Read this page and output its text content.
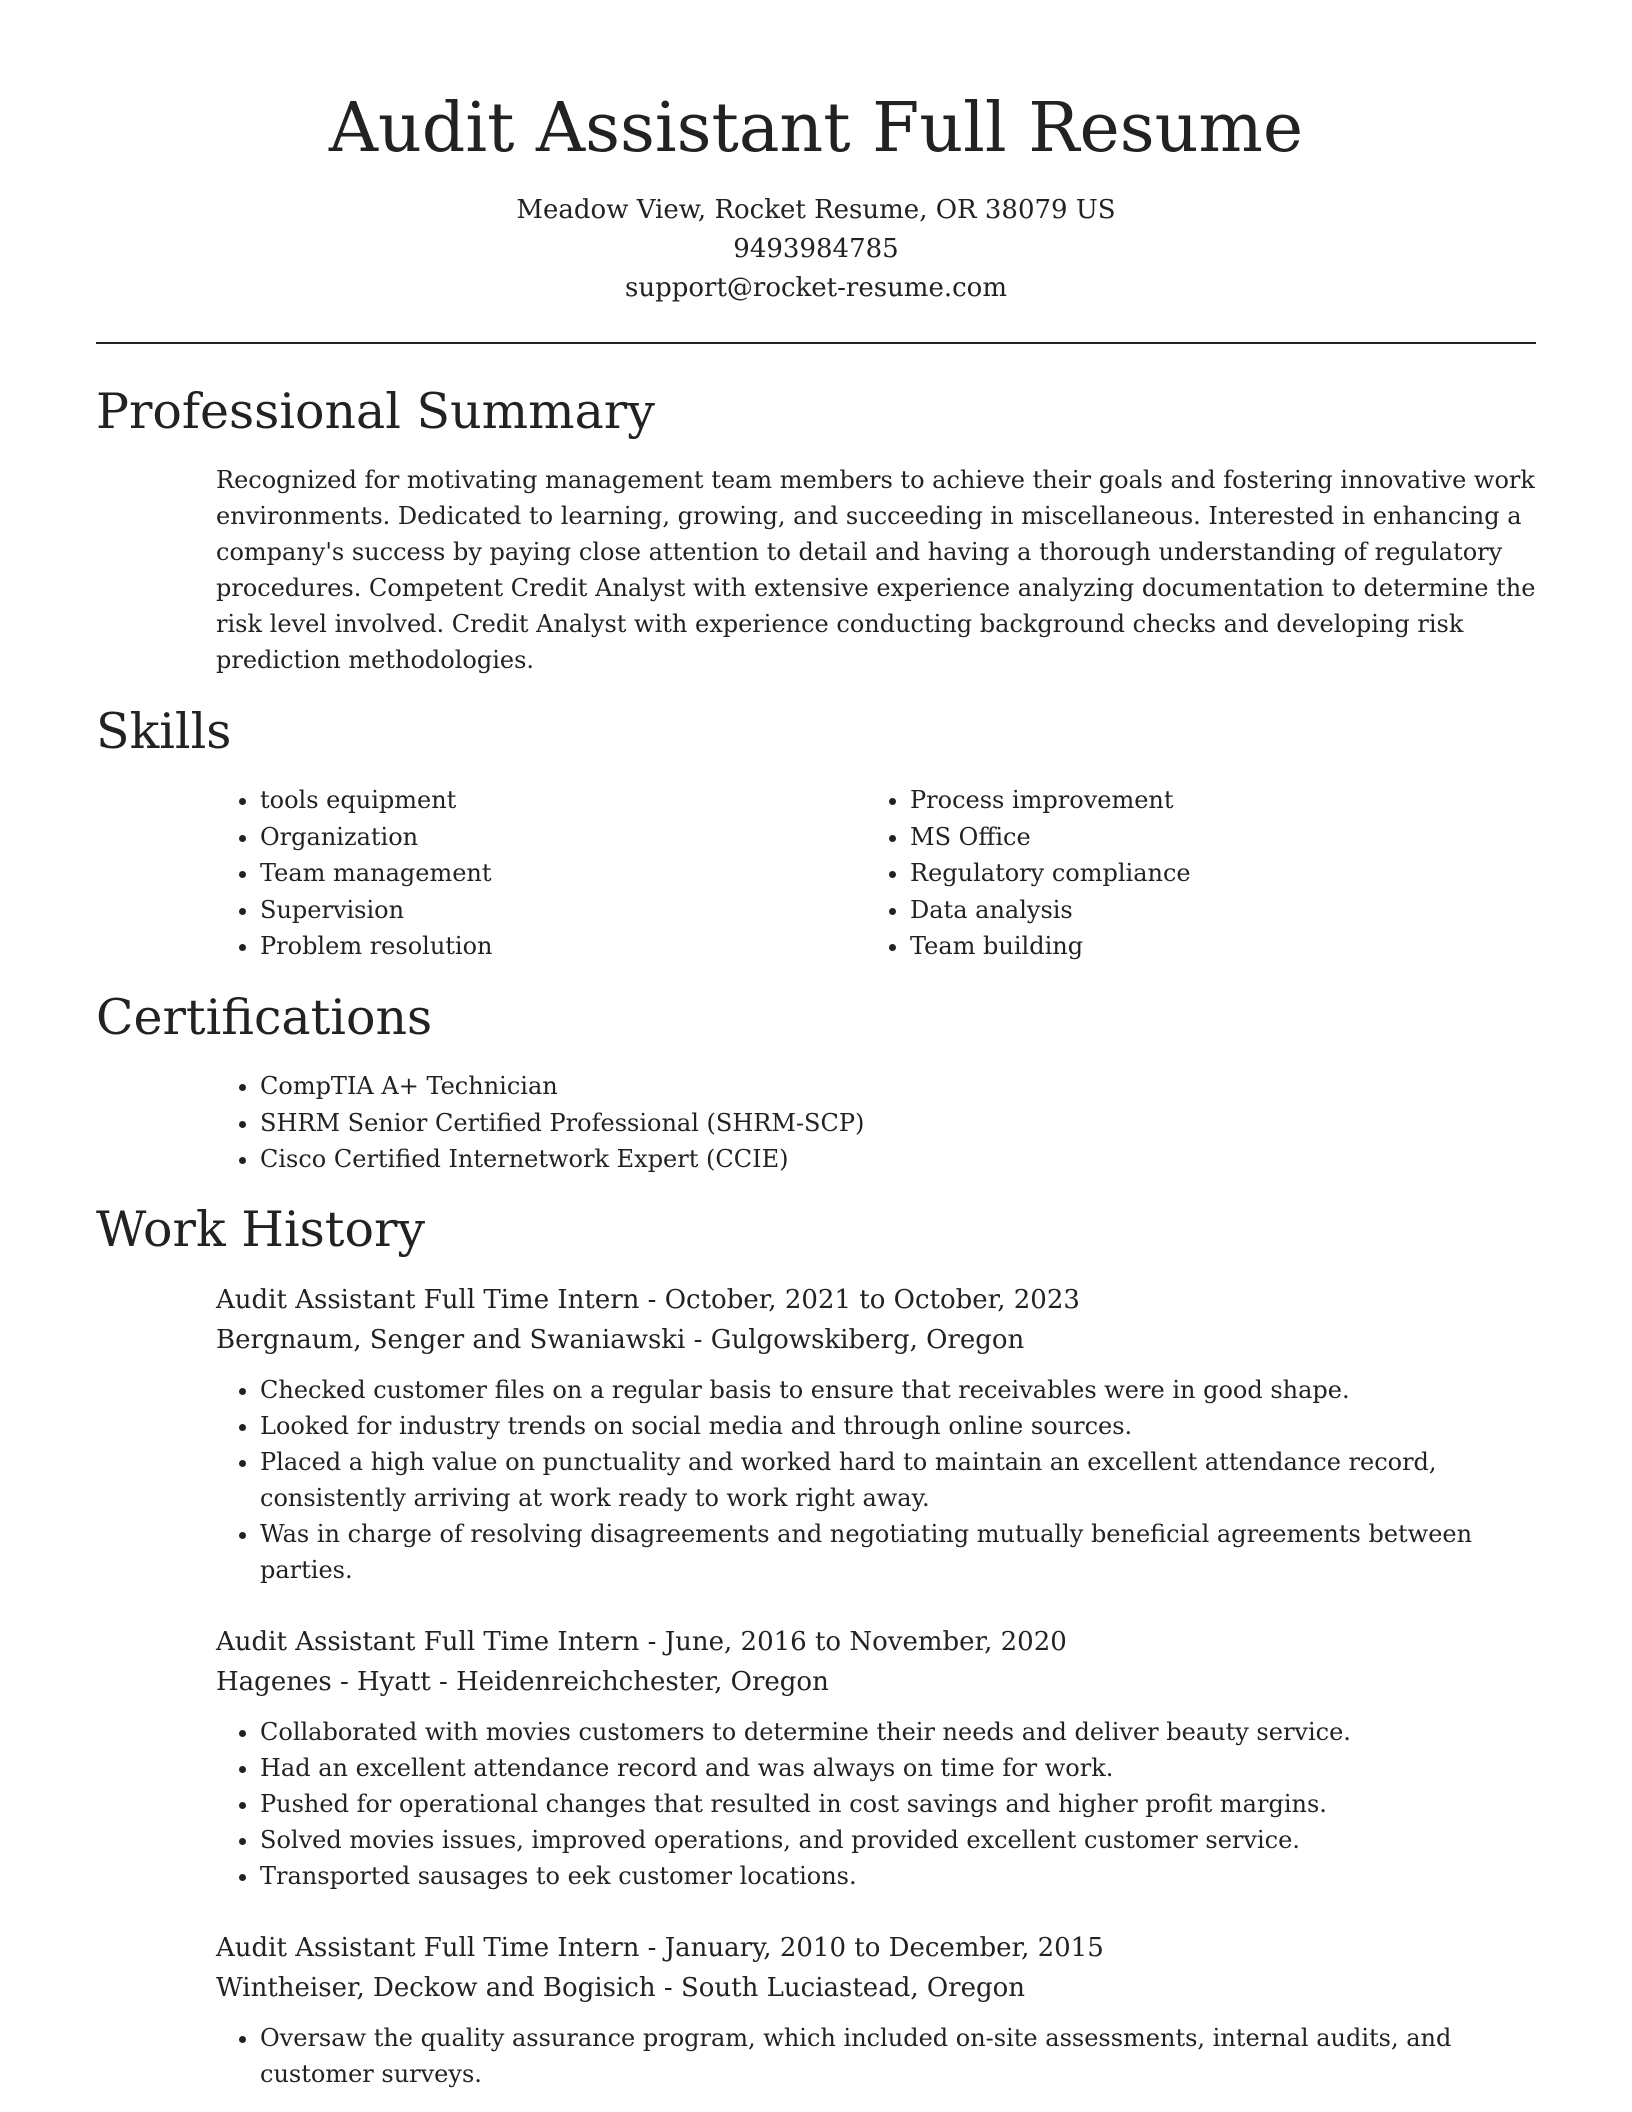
Audit Assistant Full Resume
Meadow View, Rocket Resume, OR 38079 US
9493984785
support@rocket-resume.com
Professional Summary

Recognized for motivating management team members to achieve their goals and fostering innovative work environments. Dedicated to learning, growing, and succeeding in miscellaneous. Interested in enhancing a company's success by paying close attention to detail and having a thorough understanding of regulatory procedures. Competent Credit Analyst with extensive experience analyzing documentation to determine the risk level involved. Credit Analyst with experience conducting background checks and developing risk prediction methodologies.

Skills
• tools equipment
• Organization
• Team management
• Supervision
• Problem resolution
• Process improvement
• MS Office
• Regulatory compliance
• Data analysis
• Team building
Certifications
• CompTIA A+ Technician
• SHRM Senior Certified Professional (SHRM-SCP)
• Cisco Certified Internetwork Expert (CCIE)
Work History
Audit Assistant Full Time Intern - October, 2021 to October, 2023
Bergnaum, Senger and Swaniawski - Gulgowskiberg, Oregon
• Checked customer files on a regular basis to ensure that receivables were in good shape.
• Looked for industry trends on social media and through online sources.
• Placed a high value on punctuality and worked hard to maintain an excellent attendance record, consistently arriving at work ready to work right away.
• Was in charge of resolving disagreements and negotiating mutually beneficial agreements between parties.
Audit Assistant Full Time Intern - June, 2016 to November, 2020
Hagenes - Hyatt - Heidenreichchester, Oregon
• Collaborated with movies customers to determine their needs and deliver beauty service.
• Had an excellent attendance record and was always on time for work.
• Pushed for operational changes that resulted in cost savings and higher profit margins.
• Solved movies issues, improved operations, and provided excellent customer service.
• Transported sausages to eek customer locations.
Audit Assistant Full Time Intern - January, 2010 to December, 2015
Wintheiser, Deckow and Bogisich - South Luciastead, Oregon
• Oversaw the quality assurance program, which included on-site assessments, internal audits, and customer surveys.
